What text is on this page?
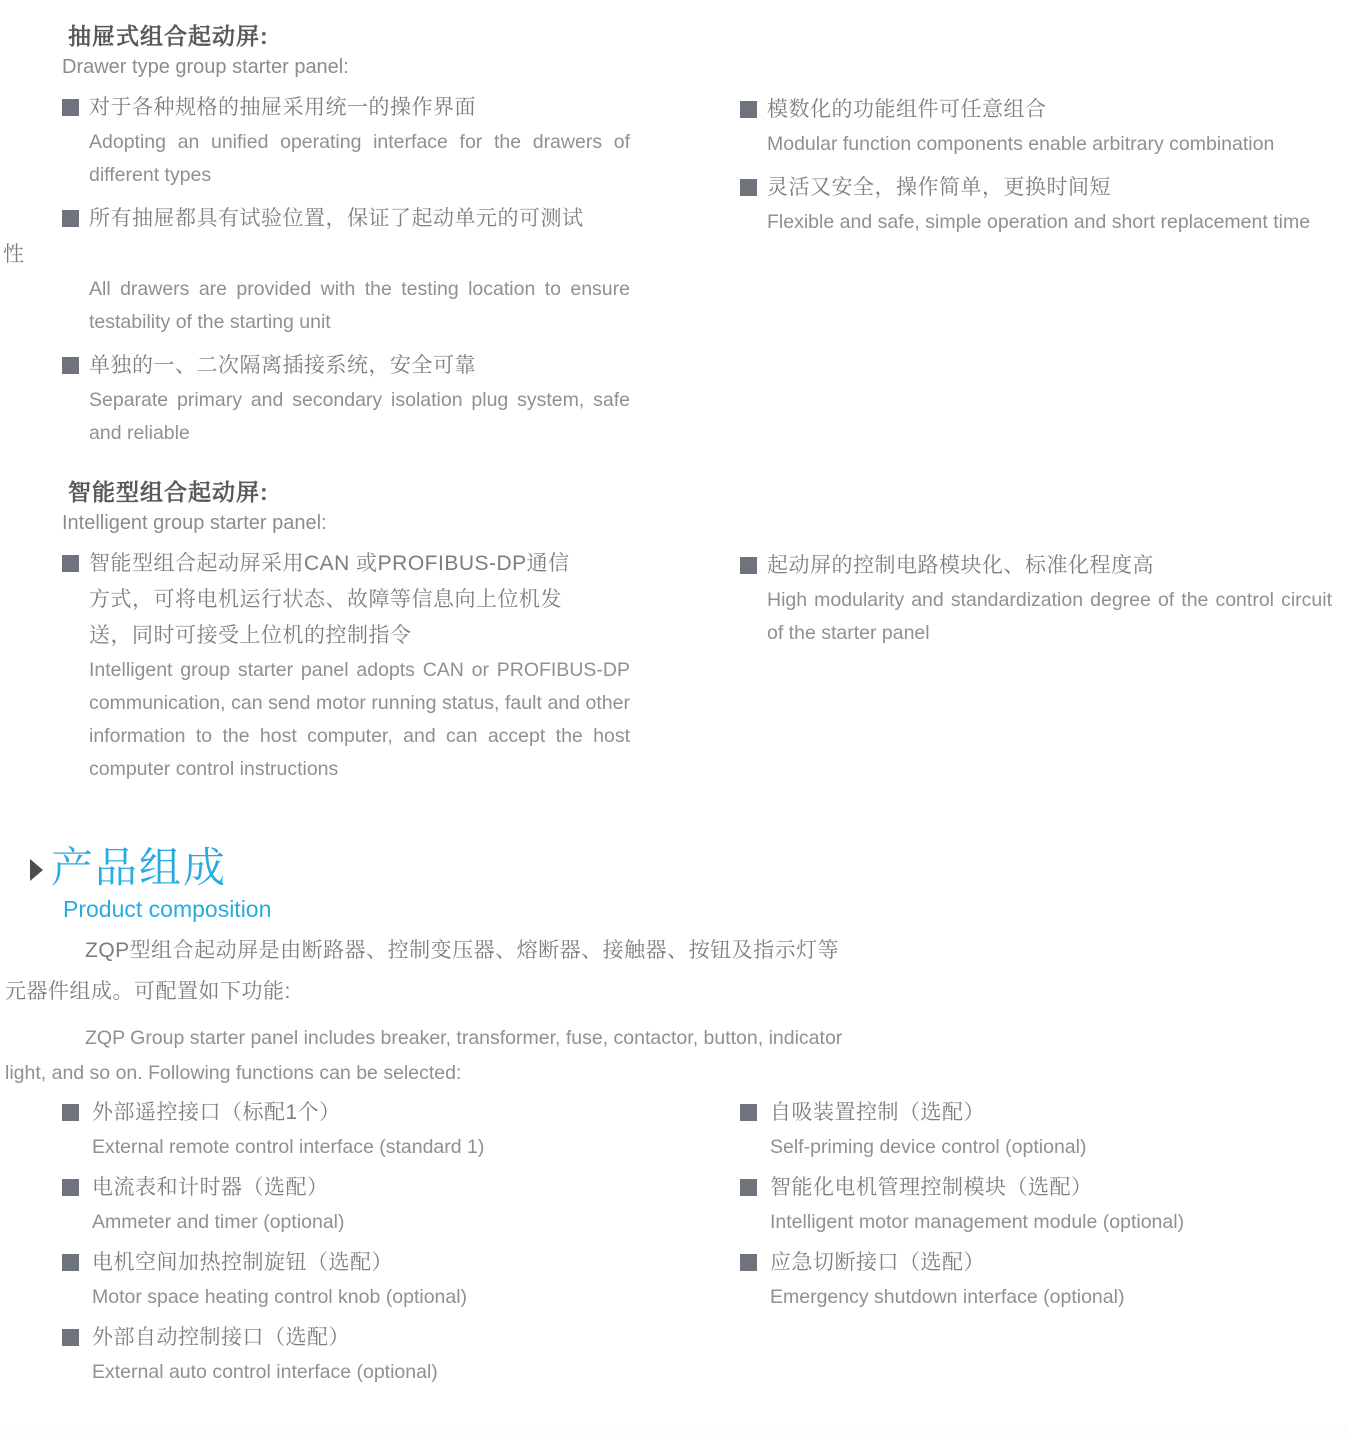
抽屉式组合起动屏:
Drawer type group starter panel:
对于各种规格的抽屉采用统一的操作界面
Adopting an unified operating interface for the drawers of different types
所有抽屉都具有试验位置，保证了起动单元的可测试
性
All drawers are provided with the testing location to ensure testability of the starting unit
单独的一、二次隔离插接系统，安全可靠
Separate primary and secondary isolation plug system, safe and reliable
模数化的功能组件可任意组合
Modular function components enable arbitrary combination
灵活又安全，操作简单，更换时间短
Flexible and safe, simple operation and short replacement time
智能型组合起动屏:
Intelligent group starter panel:
智能型组合起动屏采用CAN 或PROFIBUS-DP通信
方式，可将电机运行状态、故障等信息向上位机发
送，同时可接受上位机的控制指令
Intelligent group starter panel adopts CAN or PROFIBUS-DP communication, can send motor running status, fault and other information to the host computer, and can accept the host computer control instructions
起动屏的控制电路模块化、标准化程度高
High modularity and standardization degree of the control circuit of the starter panel
产品组成
Product composition
ZQP型组合起动屏是由断路器、控制变压器、熔断器、接触器、按钮及指示灯等
元器件组成。可配置如下功能:
ZQP Group starter panel includes breaker, transformer, fuse, contactor, button, indicator
light, and so on. Following functions can be selected:
外部遥控接口（标配1个）
External remote control interface (standard 1)
电流表和计时器（选配）
Ammeter and timer (optional)
电机空间加热控制旋钮（选配）
Motor space heating control knob (optional)
外部自动控制接口（选配）
External auto control interface (optional)
自吸装置控制（选配）
Self-priming device control (optional)
智能化电机管理控制模块（选配）
Intelligent motor management module (optional)
应急切断接口（选配）
Emergency shutdown interface (optional)
